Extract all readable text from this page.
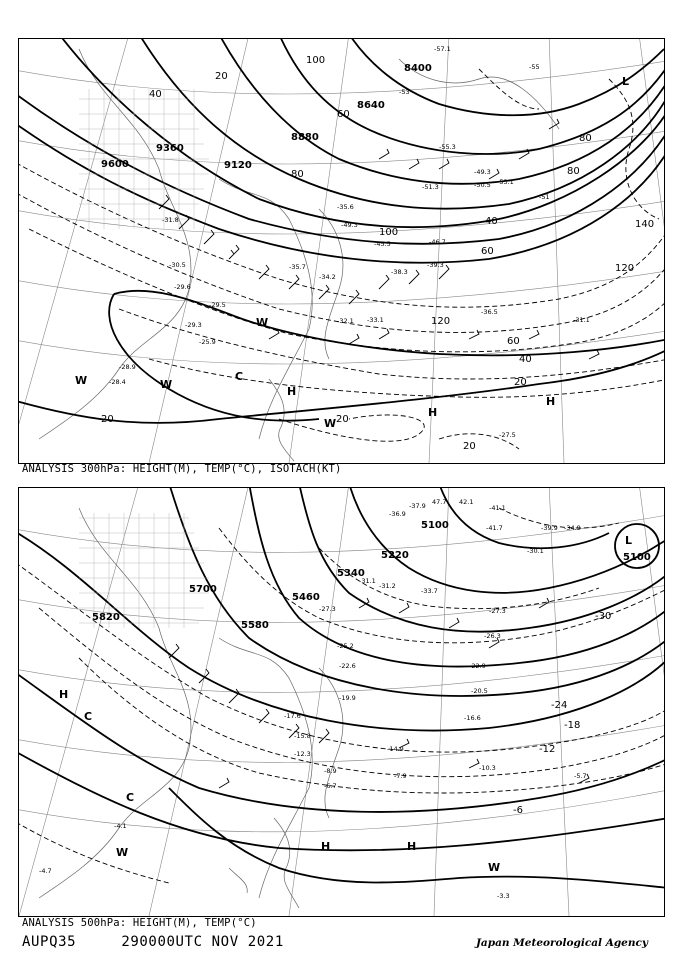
9600
9360
9120
8880
8640
8400
20
40
60
80
100
120
140
20
40
60
80
100
120
20	20
20
40
60
80
W	W
C
H
W
H
H
L
W
-31.8
-30.5
-29.6
-29.5
-29.3
-28.9
-35.6
-49.3
-45.5	-46.7
-39.3
-38.3
-36.5
-31.1
-33.1
-53.1
-51.3	-50.5
-49.3
-51
-55.3
-57.1
-53
-55
-25.9
-27.5
-28.4
-32.1
-34.2
-35.7
ANALYSIS 300hPa: HEIGHT(M), TEMP(°C), ISOTACH(KT)
5820
5700
5580
5460
5340
5220
5100
5100
-30
-24
-18
-12
-6
H
C
C
W	H	H
W
L
-41.1
-41.7	-39.9 -34.9
-30.1
-31.2
-33.7
-27.3
-26.3
-22.9
-20.5
-16.6
-14.9
-10.3
-7.9	-5.7
-3.3
-4.1
-4.7
-6.7
-8.9
-12.3
-15.8
-17.6
-19.9
-22.6
-25.2
-27.3
-31.1
-36.9
-37.9	42.1
47.7
ANALYSIS 500hPa: HEIGHT(M), TEMP(°C)
AUPQ35	290000UTC NOV 2021	Japan Meteorological Agency
